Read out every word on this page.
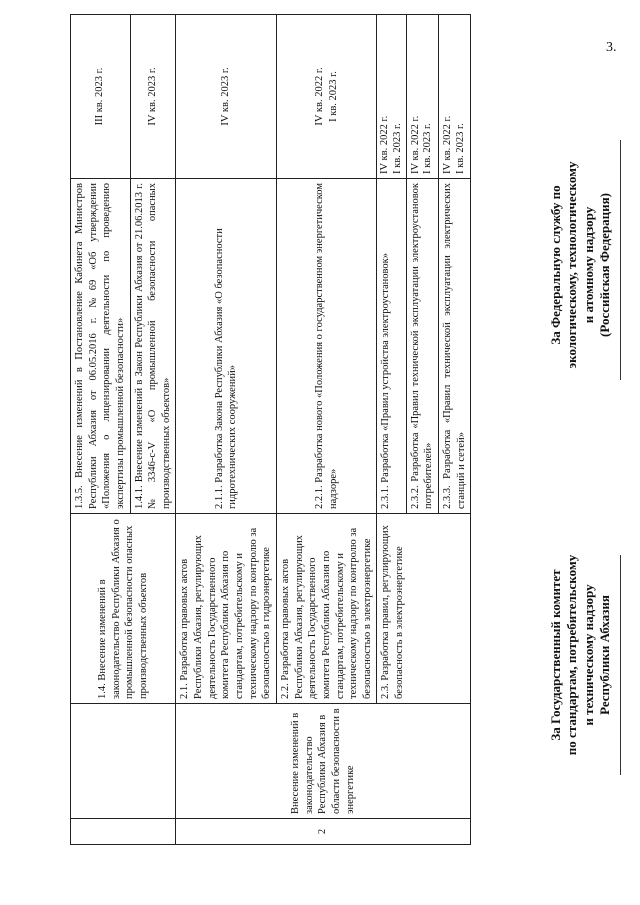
3.
		1.4. Внесение изменений в законодательство Республики Абхазия о промышленной безопасности опасных производственных объектов	1.3.5. Внесение изменений в Постановление Кабинета Министров Республики Абхазия от 06.05.2016 г. №69 «Об утверждении «Положения о лицензировании деятельности по проведению экспертизы промышленной безопасности»	III кв. 2023 г.
			1.4.1. Внесение изменений в Закон Республики Абхазия от 21.06.2013 г. №3346-с-V «О промышленной безопасности опасных производственных объектов»	IV кв. 2023 г.
2	Внесение изменений в законодательство Республики Абхазия в области безопасности в энергетике	2.1. Разработка правовых актов Республики Абхазия, регулирующих деятельность Государственного комитета Республики Абхазия по стандартам, потребительскому и техническому надзору по контролю за безопасностью в гидроэнергетике	2.1.1. Разработка Закона Республики Абхазия «О безопасности гидротехнических сооружений»	IV кв. 2023 г.
		2.2. Разработка правовых актов Республики Абхазия, регулирующих деятельность Государственного комитета Республики Абхазия по стандартам, потребительскому и техническому надзору по контролю за безопасностью в электроэнергетике	2.2.1. Разработка нового «Положения о государственном энергетическом надзоре»	IV кв. 2022 г. I кв. 2023 г.

		2.3. Разработка правил, регулирующих безопасность в электроэнергетике	2.3.1. Разработка «Правил устройства электроустановок»	IV кв. 2022 г. I кв. 2023 г.

			2.3.2. Разработка «Правил технической эксплуатации электроустановок потребителей»	IV кв. 2022 г. I кв. 2023 г.

			2.3.3. Разработка «Правил технической эксплуатации электрических станций и сетей»	IV кв. 2022 г. I кв. 2023 г.
За Государственный комитет по стандартам, потребительскому и техническому надзору Республики Абхазия
За Федеральную службу по экологическому, технологическому и атомному надзору (Российская Федерация)
